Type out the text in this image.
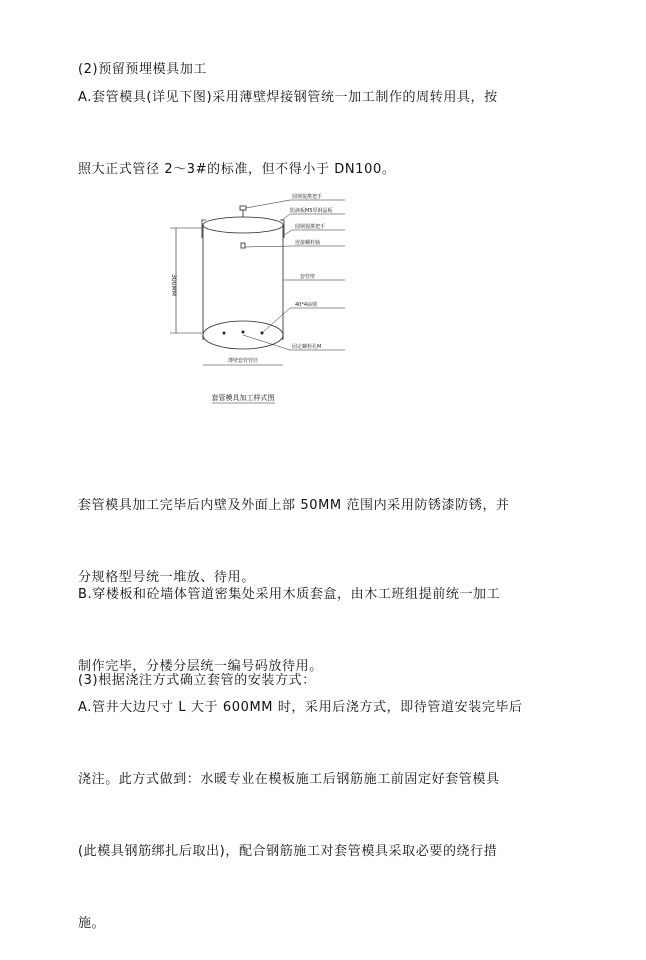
(2)预留预埋模具加工

A.套管模具(详见下图)采用薄壁焊接钢管统一加工制作的周转用具，按

照大正式管径 2～3#的标准，但不得小于 DN100。

300MM
圆钢提携把手
防滴板M5厚钢晶板
圆钢提携把手
连接螺栓轴
套管壁
40*4扁钢
固定螺栓孔M
薄壁套管管径
套管模具加工样式图

套管模具加工完毕后内壁及外面上部 50MM 范围内采用防锈漆防锈，并

分规格型号统一堆放、待用。

B.穿楼板和砼墙体管道密集处采用木质套盒，由木工班组提前统一加工

制作完毕，分楼分层统一编号码放待用。

(3)根据浇注方式确立套管的安装方式：

A.管井大边尺寸 L 大于 600MM 时，采用后浇方式，即待管道安装完毕后

浇注。此方式做到：水暖专业在模板施工后钢筋施工前固定好套管模具

(此模具钢筋绑扎后取出)，配合钢筋施工对套管模具采取必要的绕行措

施。
